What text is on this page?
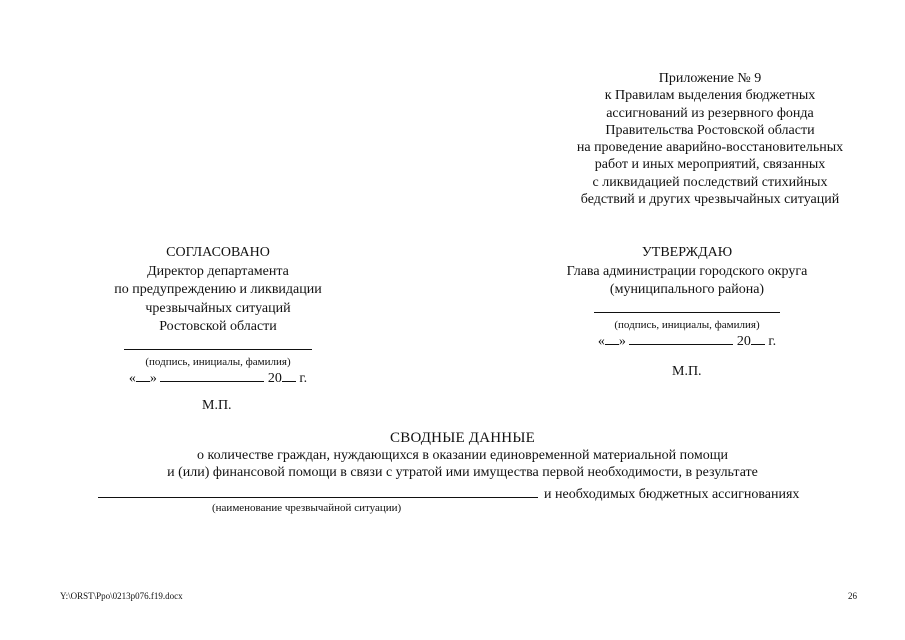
Приложение № 9
к Правилам выделения бюджетных
ассигнований из резервного фонда
Правительства Ростовской области
на проведение аварийно-восстановительных
работ и иных мероприятий, связанных
с ликвидацией последствий стихийных
бедствий и других чрезвычайных ситуаций
СОГЛАСОВАНО
Директор департамента
по предупреждению и ликвидации
чрезвычайных ситуаций
Ростовской области
(подпись, инициалы, фамилия)
« »	20 г.
М.П.
УТВЕРЖДАЮ
Глава администрации городского округа
(муниципального района)
(подпись, инициалы, фамилия)
« »	20 г.
М.П.
СВОДНЫЕ ДАННЫЕ
о количестве граждан, нуждающихся в оказании единовременной материальной помощи
и (или) финансовой помощи в связи с утратой ими имущества первой необходимости, в результате
и необходимых бюджетных ассигнованиях
(наименование чрезвычайной ситуации)
Y:\ORST\Ppo\0213p076.f19.docx	26
